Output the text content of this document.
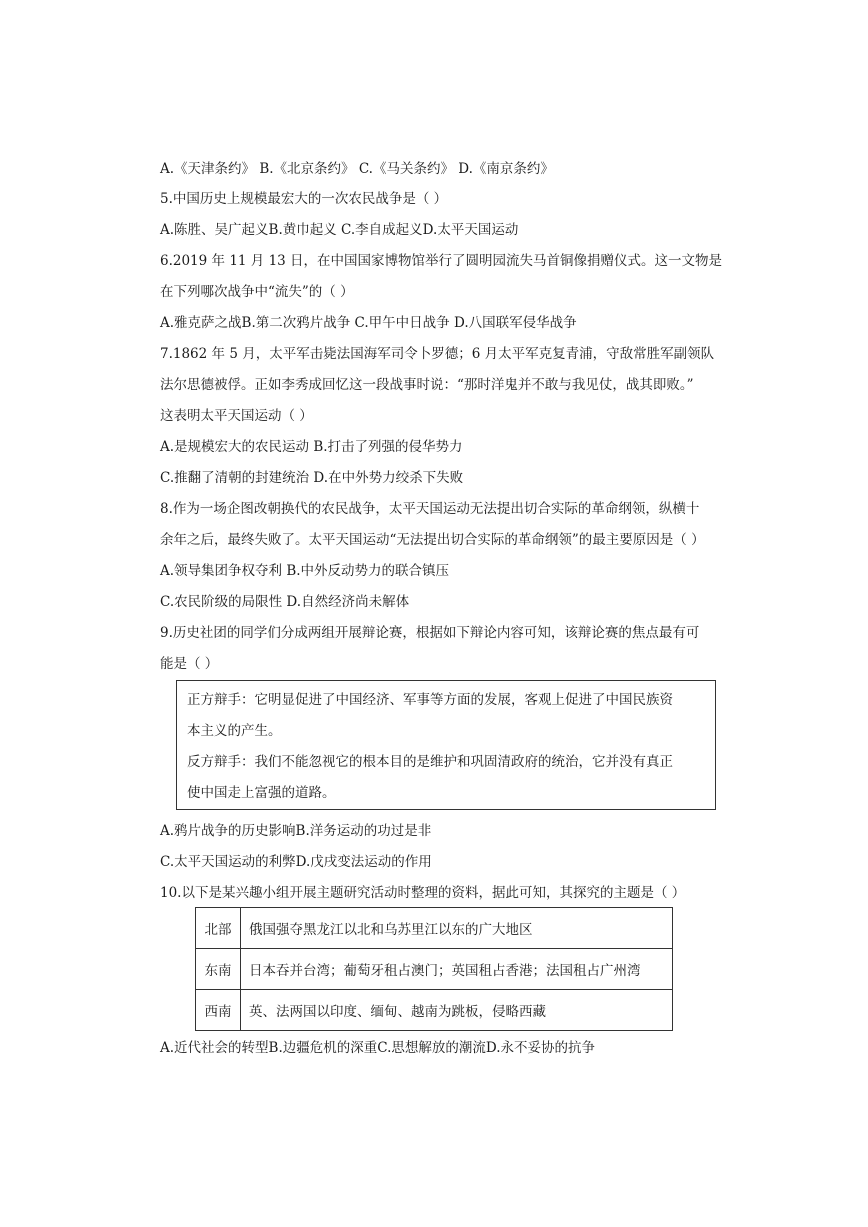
A.《天津条约》 B.《北京条约》 C.《马关条约》 D.《南京条约》
5.中国历史上规模最宏大的一次农民战争是（ ）
A.陈胜、吴广起义B.黄巾起义 C.李自成起义D.太平天国运动
6.2019 年 11 月 13 日，在中国国家博物馆举行了圆明园流失马首铜像捐赠仪式。这一文物是
在下列哪次战争中“流失”的（ ）
A.雅克萨之战B.第二次鸦片战争 C.甲午中日战争 D.八国联军侵华战争
7.1862 年 5 月，太平军击毙法国海军司令卜罗德；6 月太平军克复青浦，守敌常胜军副领队
法尔思德被俘。正如李秀成回忆这一段战事时说：“那时洋鬼并不敢与我见仗，战其即败。”
这表明太平天国运动（ ）
A.是规模宏大的农民运动 B.打击了列强的侵华势力
C.推翻了清朝的封建统治 D.在中外势力绞杀下失败
8.作为一场企图改朝换代的农民战争，太平天国运动无法提出切合实际的革命纲领，纵横十
余年之后，最终失败了。太平天国运动“无法提出切合实际的革命纲领”的最主要原因是（ ）
A.领导集团争权夺利 B.中外反动势力的联合镇压
C.农民阶级的局限性 D.自然经济尚未解体
9.历史社团的同学们分成两组开展辩论赛，根据如下辩论内容可知，该辩论赛的焦点最有可
能是（ ）
正方辩手：它明显促进了中国经济、军事等方面的发展，客观上促进了中国民族资
本主义的产生。
反方辩手：我们不能忽视它的根本目的是维护和巩固清政府的统治，它并没有真正
使中国走上富强的道路。
A.鸦片战争的历史影响B.洋务运动的功过是非
C.太平天国运动的利弊D.戊戌变法运动的作用
10.以下是某兴趣小组开展主题研究活动时整理的资料，据此可知，其探究的主题是（ ）
北部	俄国强夺黑龙江以北和乌苏里江以东的广大地区
东南	日本吞并台湾；葡萄牙租占澳门；英国租占香港；法国租占广州湾
西南	英、法两国以印度、缅甸、越南为跳板，侵略西藏
A.近代社会的转型B.边疆危机的深重C.思想解放的潮流D.永不妥协的抗争
